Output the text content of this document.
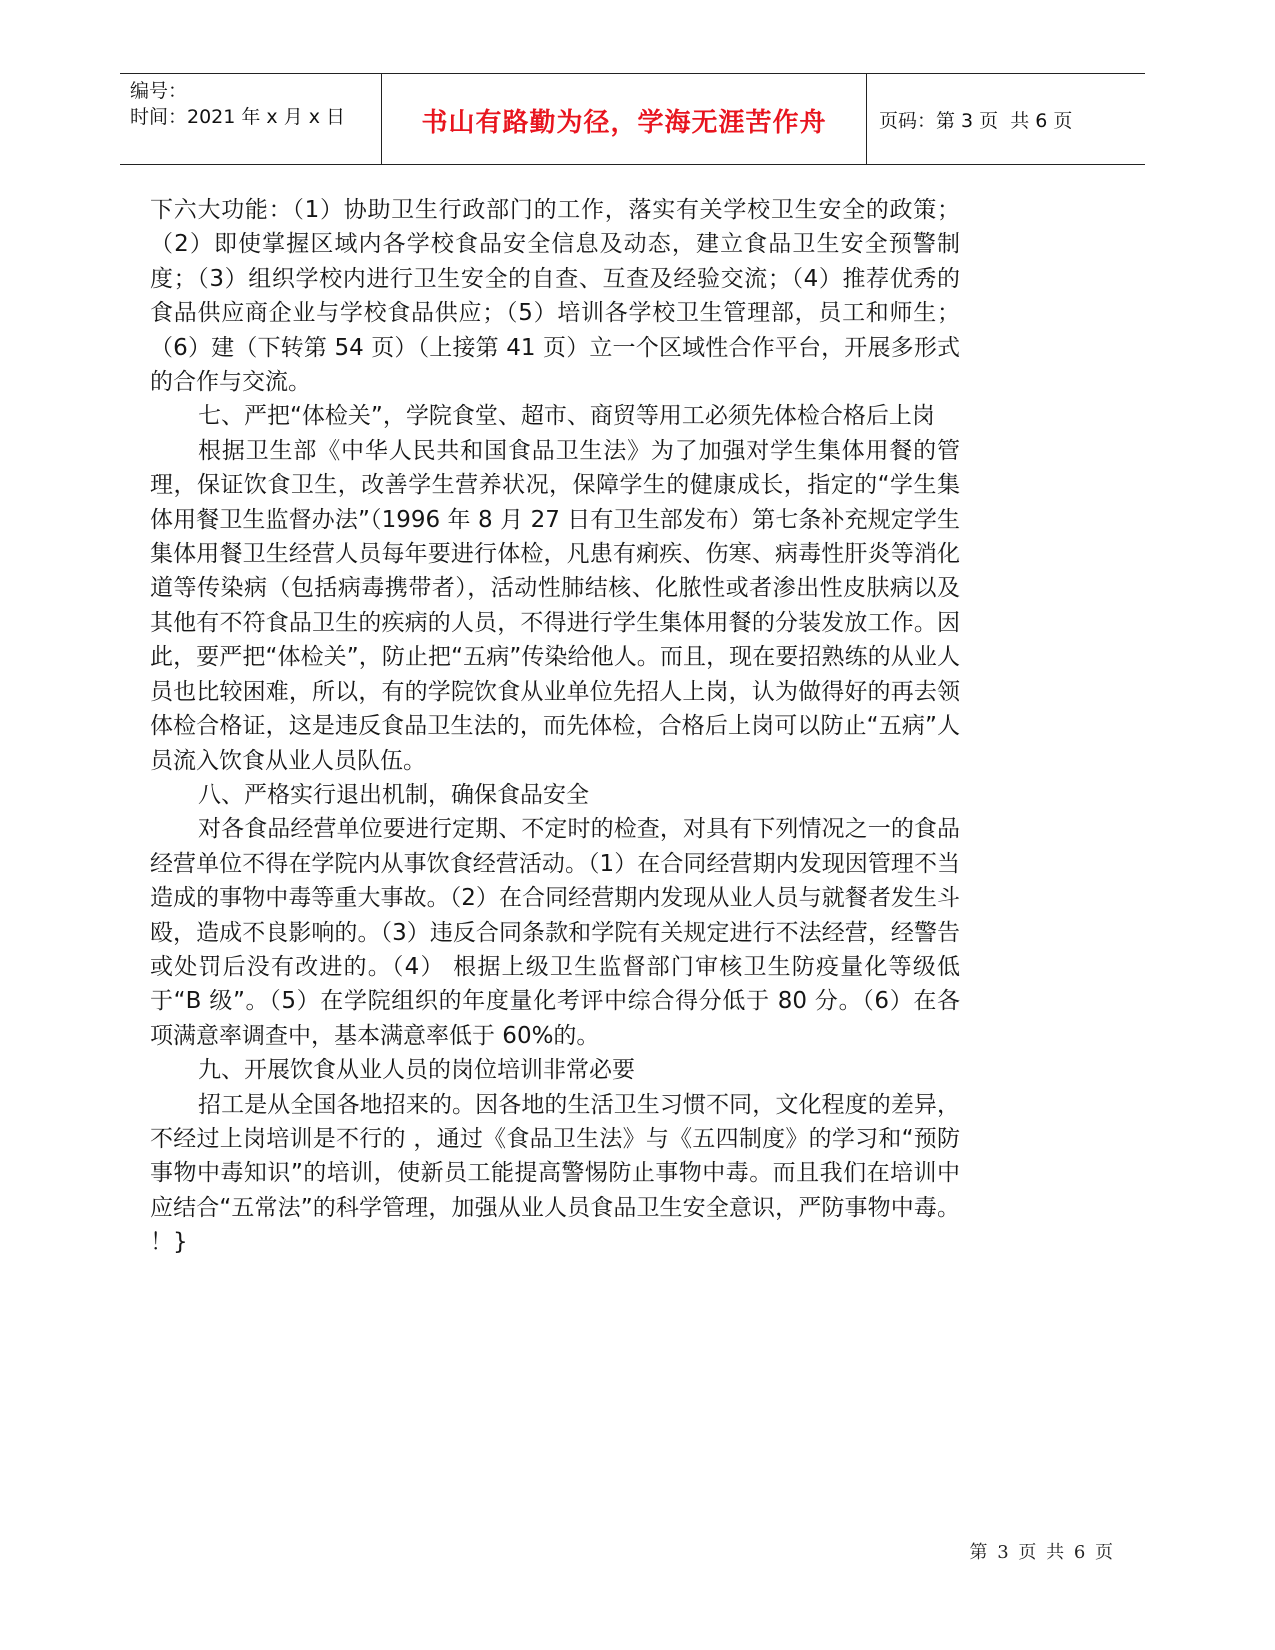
编号：
时间：2021 年 x 月 x 日	书山有路勤为径，学海无涯苦作舟	页码：第 3 页  共 6 页

下六大功能：（1）协助卫生行政部门的工作，落实有关学校卫生安全的政策；（2）即使掌握区域内各学校食品安全信息及动态，建立食品卫生安全预警制度；（3）组织学校内进行卫生安全的自查、互查及经验交流；（4）推荐优秀的食品供应商企业与学校食品供应；（5）培训各学校卫生管理部，员工和师生；（6）建（下转第 54 页）（上接第 41 页）立一个区域性合作平台，开展多形式的合作与交流。

七、严把“体检关”，学院食堂、超市、商贸等用工必须先体检合格后上岗

根据卫生部《中华人民共和国食品卫生法》为了加强对学生集体用餐的管理，保证饮食卫生，改善学生营养状况，保障学生的健康成长，指定的“学生集体用餐卫生监督办法”（1996 年 8 月 27 日有卫生部发布）第七条补充规定学生集体用餐卫生经营人员每年要进行体检，凡患有痢疾、伤寒、病毒性肝炎等消化道等传染病（包括病毒携带者），活动性肺结核、化脓性或者渗出性皮肤病以及其他有不符食品卫生的疾病的人员，不得进行学生集体用餐的分装发放工作。因此，要严把“体检关”，防止把“五病”传染给他人。而且，现在要招熟练的从业人员也比较困难，所以，有的学院饮食从业单位先招人上岗，认为做得好的再去领体检合格证，这是违反食品卫生法的，而先体检，合格后上岗可以防止“五病”人员流入饮食从业人员队伍。

八、严格实行退出机制，确保食品安全

对各食品经营单位要进行定期、不定时的检查，对具有下列情况之一的食品经营单位不得在学院内从事饮食经营活动。（1）在合同经营期内发现因管理不当造成的事物中毒等重大事故。（2）在合同经营期内发现从业人员与就餐者发生斗殴，造成不良影响的。（3）违反合同条款和学院有关规定进行不法经营，经警告或处罚后没有改进的。（4） 根据上级卫生监督部门审核卫生防疫量化等级低于“B 级”。（5）在学院组织的年度量化考评中综合得分低于 80 分。（6）在各项满意率调查中，基本满意率低于 60%的。

九、开展饮食从业人员的岗位培训非常必要

招工是从全国各地招来的。因各地的生活卫生习惯不同，文化程度的差异，不经过上岗培训是不行的 ，通过《食品卫生法》与《五四制度》的学习和“预防事物中毒知识”的培训，使新员工能提高警惕防止事物中毒。而且我们在培训中应结合“五常法”的科学管理，加强从业人员食品卫生安全意识，严防事物中毒。 ！}

第 3 页 共 6 页
